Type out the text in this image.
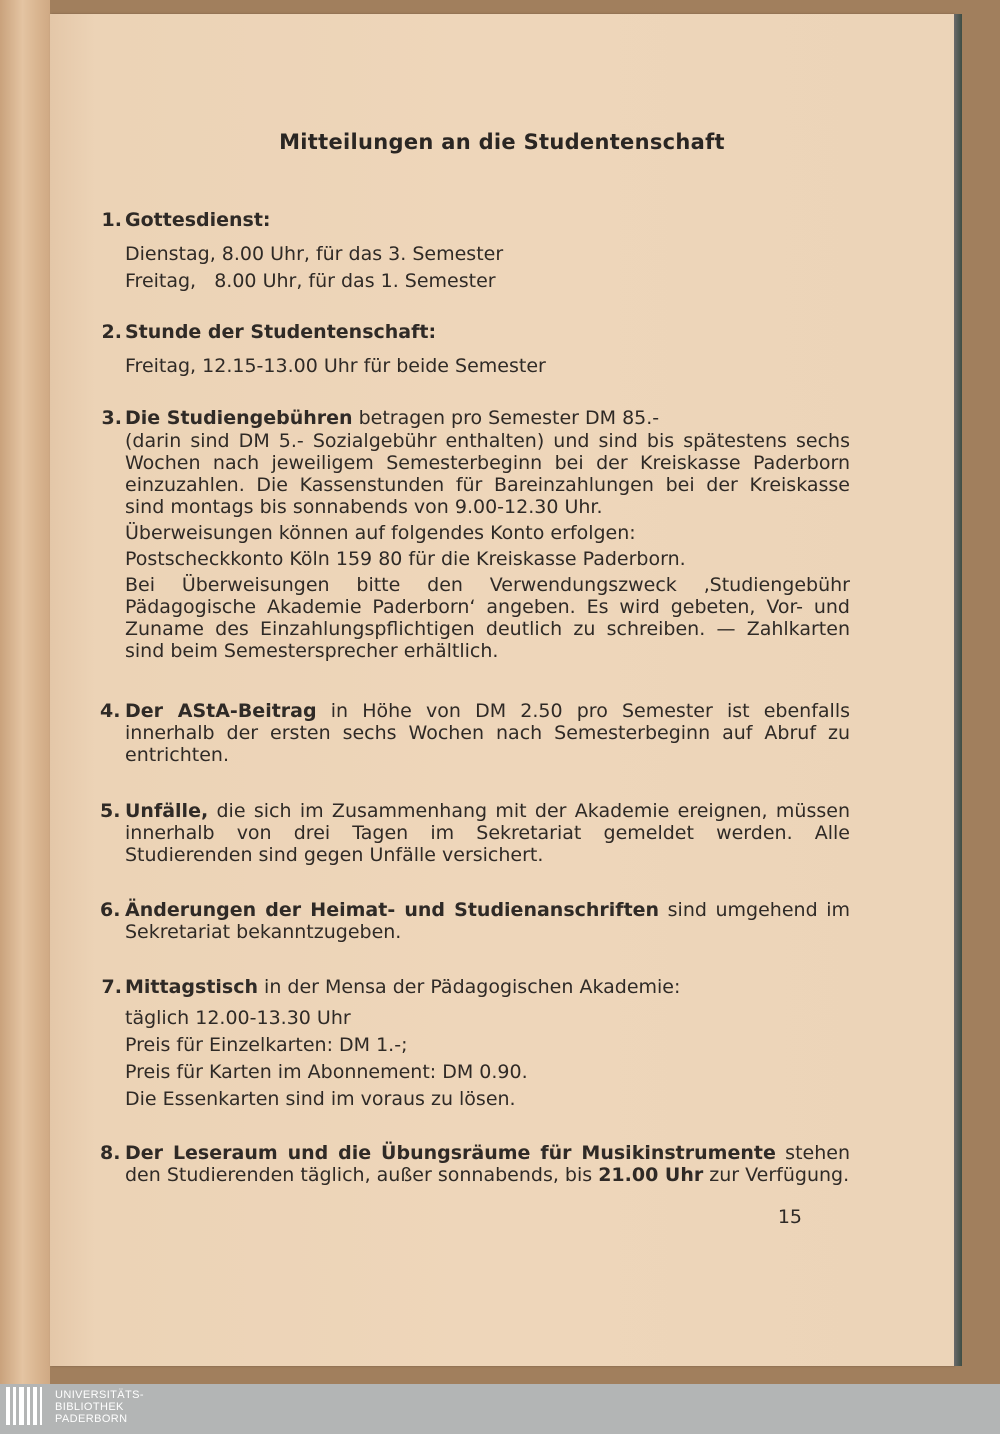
Mitteilungen an die Studentenschaft
1. Gottesdienst:
Dienstag, 8.00 Uhr, für das 3. Semester
Freitag,   8.00 Uhr, für das 1. Semester
2. Stunde der Studentenschaft:
Freitag, 12.15-13.00 Uhr für beide Semester
3. Die Studiengebühren betragen pro Semester DM 85.-
(darin sind DM 5.- Sozialgebühr enthalten) und sind bis spätestens sechs Wochen nach jeweiligem Semesterbeginn bei der Kreiskasse Paderborn einzuzahlen. Die Kassenstunden für Bareinzahlungen bei der Kreiskasse sind montags bis sonnabends von 9.00-12.30 Uhr.
Überweisungen können auf folgendes Konto erfolgen:
Postscheckkonto Köln 159 80 für die Kreiskasse Paderborn.
Bei Überweisungen bitte den Verwendungszweck ‚Studiengebühr Pädagogische Akademie Paderborn‘ angeben. Es wird gebeten, Vor- und Zuname des Einzahlungspflichtigen deutlich zu schreiben. — Zahlkarten sind beim Semestersprecher erhältlich.
4. Der AStA-Beitrag in Höhe von DM 2.50 pro Semester ist ebenfalls innerhalb der ersten sechs Wochen nach Semesterbeginn auf Abruf zu entrichten.
5. Unfälle, die sich im Zusammenhang mit der Akademie ereignen, müssen innerhalb von drei Tagen im Sekretariat gemeldet werden. Alle Studierenden sind gegen Unfälle versichert.
6. Änderungen der Heimat- und Studienanschriften sind umgehend im Sekretariat bekanntzugeben.
7. Mittagstisch in der Mensa der Pädagogischen Akademie:
täglich 12.00-13.30 Uhr
Preis für Einzelkarten: DM 1.-;
Preis für Karten im Abonnement: DM 0.90.
Die Essenkarten sind im voraus zu lösen.
8. Der Leseraum und die Übungsräume für Musikinstrumente stehen den Studierenden täglich, außer sonnabends, bis 21.00 Uhr zur Verfügung.
15
UNIVERSITÄTS-
BIBLIOTHEK
PADERBORN
